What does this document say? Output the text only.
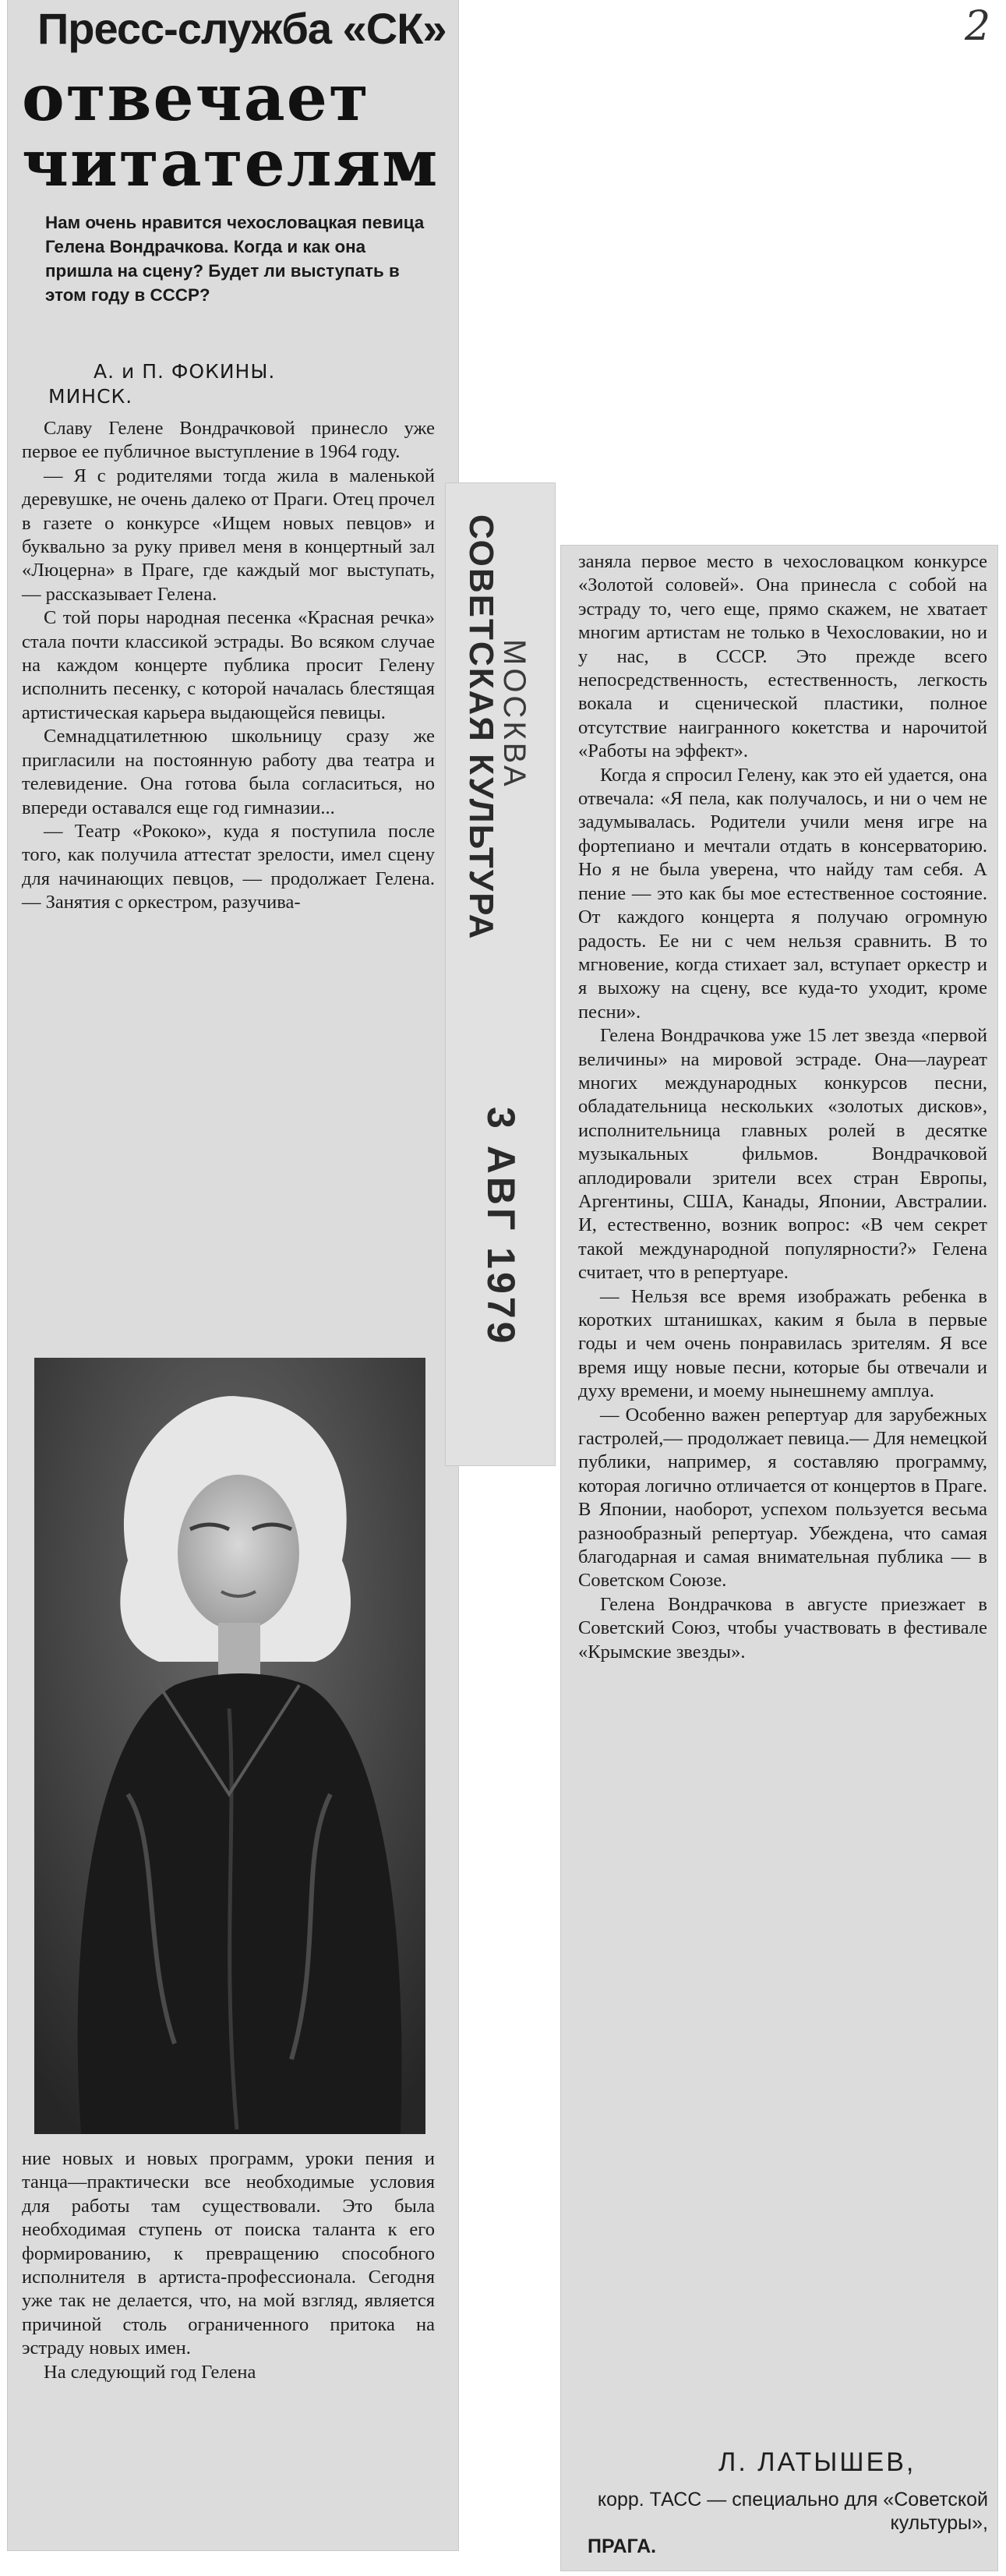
2
Пресс-служба «СК»
отвечает читателям
Нам очень нравится чехословацкая певица Гелена Вондрачкова. Когда и как она пришла на сцену? Будет ли выступать в этом году в СССР?
А. и П. ФОКИНЫ.
МИНСК.

Славу Гелене Вондрачковой принесло уже первое ее публичное выступление в 1964 году.

— Я с родителями тогда жила в маленькой деревушке, не очень далеко от Праги. Отец прочел в газете о конкурсе «Ищем новых певцов» и буквально за руку привел меня в концертный зал «Люцерна» в Праге, где каждый мог выступать, — рассказывает Гелена.

С той поры народная песенка «Красная речка» стала почти классикой эстрады. Во всяком случае на каждом концерте публика просит Гелену исполнить песенку, с которой началась блестящая артистическая карьера выдающейся певицы.

Семнадцатилетнюю школьницу сразу же пригласили на постоянную работу два театра и телевидение. Она готова была согласиться, но впереди оставался еще год гимназии...

— Театр «Рококо», куда я поступила после того, как получила аттестат зрелости, имел сцену для начинающих певцов, — продолжает Гелена. — Занятия с оркестром, разучива-

ние новых и новых программ, уроки пения и танца—практически все необходимые условия для работы там существовали. Это была необходимая ступень от поиска таланта к его формированию, к превращению способного исполнителя в артиста-профессионала. Сегодня уже так не делается, что, на мой взгляд, является причиной столь ограниченного притока на эстраду новых имен.

На следующий год Гелена

СОВЕТСКАЯ КУЛЬТУРА
МОСКВА
3 АВГ 1979

заняла первое место в чехословацком конкурсе «Золотой соловей». Она принесла с собой на эстраду то, чего еще, прямо скажем, не хватает многим артистам не только в Чехословакии, но и у нас, в СССР. Это прежде всего непосредственность, естественность, легкость вокала и сценической пластики, полное отсутствие наигранного кокетства и нарочитой «Работы на эффект».

Когда я спросил Гелену, как это ей удается, она отвечала: «Я пела, как получалось, и ни о чем не задумывалась. Родители учили меня игре на фортепиано и мечтали отдать в консерваторию. Но я не была уверена, что найду там себя. А пение — это как бы мое естественное состояние. От каждого концерта я получаю огромную радость. Ее ни с чем нельзя сравнить. В то мгновение, когда стихает зал, вступает оркестр и я выхожу на сцену, все куда-то уходит, кроме песни».

Гелена Вондрачкова уже 15 лет звезда «первой величины» на мировой эстраде. Она—лауреат многих международных конкурсов песни, обладательница нескольких «золотых дисков», исполнительница главных ролей в десятке музыкальных фильмов. Вондрачковой аплодировали зрители всех стран Европы, Аргентины, США, Канады, Японии, Австралии. И, естественно, возник вопрос: «В чем секрет такой международной популярности?» Гелена считает, что в репертуаре.

— Нельзя все время изображать ребенка в коротких штанишках, каким я была в первые годы и чем очень понравилась зрителям. Я все время ищу новые песни, которые бы отвечали и духу времени, и моему нынешнему амплуа.

— Особенно важен репертуар для зарубежных гастролей,— продолжает певица.— Для немецкой публики, например, я составляю программу, которая логично отличается от концертов в Праге. В Японии, наоборот, успехом пользуется весьма разнообразный репертуар. Убеждена, что самая благодарная и самая внимательная публика — в Советском Союзе.

Гелена Вондрачкова в августе приезжает в Советский Союз, чтобы участвовать в фестивале «Крымские звезды».

Л. ЛАТЫШЕВ,
корр. ТАСС — специально для «Советской культуры»,
ПРАГА.
